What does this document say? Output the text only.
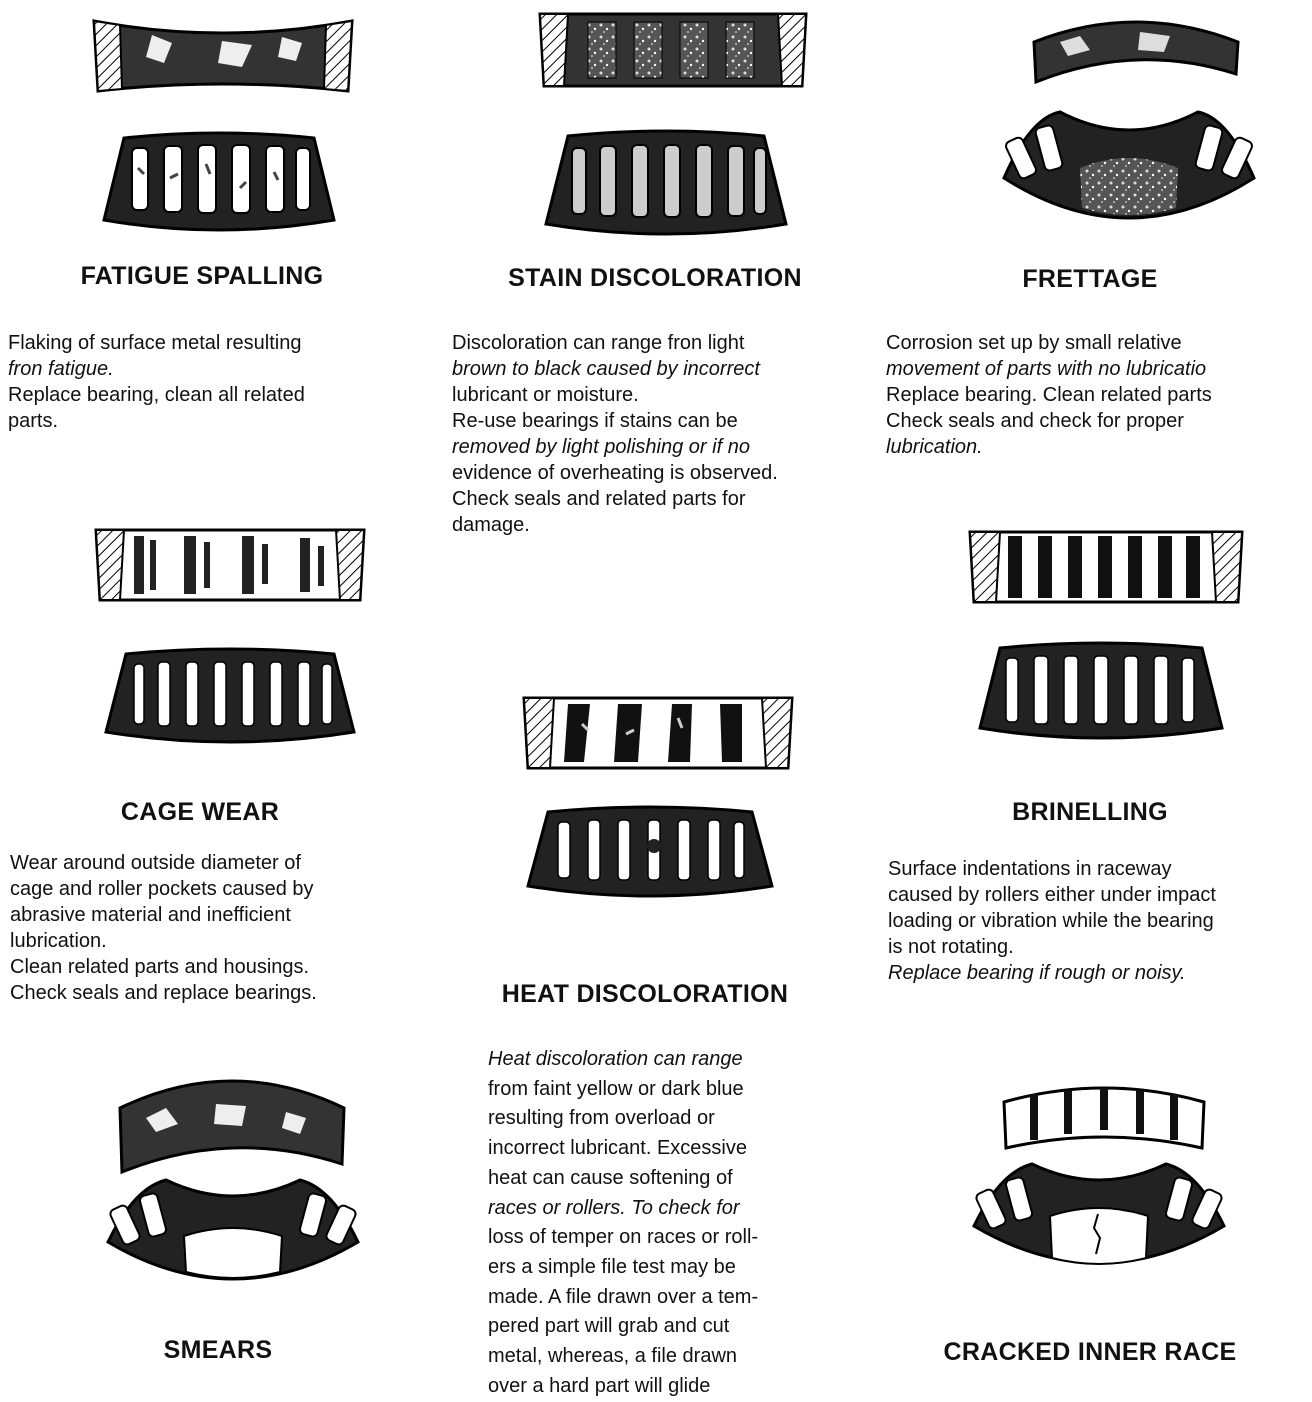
FATIGUE SPALLING
Flaking of surface metal resulting
fron fatigue.
Replace bearing, clean all related
parts.
STAIN DISCOLORATION
Discoloration can range fron light
brown to black caused by incorrect
lubricant or moisture.
Re-use bearings if stains can be
removed by light polishing or if no
evidence of overheating is observed.
Check seals and related parts for
damage.
FRETTAGE
Corrosion set up by small relative
movement of parts with no lubricatio
Replace bearing. Clean related parts
Check seals and check for proper
lubrication.
CAGE WEAR
Wear around outside diameter of
cage and roller pockets caused by
abrasive material and inefficient
lubrication.
Clean related parts and housings.
Check seals and replace bearings.	HEAT DISCOLORATION
Heat discoloration can range
from faint yellow or dark blue
resulting from overload or
incorrect lubricant. Excessive
heat can cause softening of
races or rollers. To check for
loss of temper on races or roll-
ers a simple file test may be
made. A file drawn over a tem-
pered part will grab and cut
metal, whereas, a file drawn
over a hard part will glide
BRINELLING
Surface indentations in raceway
caused by rollers either under impact
loading or vibration while the bearing
is not rotating.
Replace bearing if rough or noisy.
SMEARS	CRACKED INNER RACE
